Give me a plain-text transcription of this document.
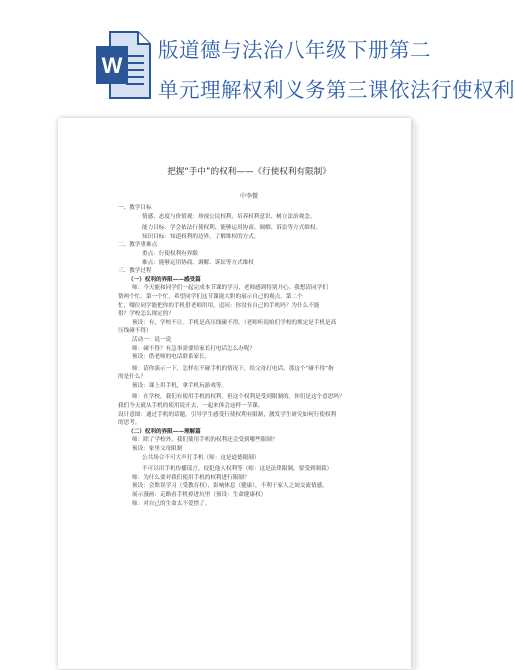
W
版道德与法治八年级下册第二
单元理解权利义务第三课依法行使权利
把握“手中”的权利——《行使权利有限制》
中李微

一、教学目标

情感、态度与价值观：珍视公民权利、培养权利意识、树立法治观念。

能力目标：学会依法行使权利、能够运用协商、调解、诉讼等方式维权。

知识目标：知道权利的边界，了解维权的方式。

二、教学重难点

重点：行使权利有界限

难点：能够运用协商、调解、诉讼等方式维权

三、教学过程

（一）权利的界限——感受篇

师：今天能和同学们一起完成本节课的学习，老师感到特别开心。我想请同学们

帮两个忙。第一个忙，希望同学们这节课能大胆的展示自己的观点。第二个

忙，哪位同学能把你的手机借老师用用。追问：你没有自己的手机吗？为什么不能

借？学校怎么规定的？

预设：有，学校不让。手机是高压线碰不得。（老师听说咱们学校的规定是手机是高

压线碰不得）

活动一：说一说

师：碰不得？有急事需要给家长打电话怎么办呢？

预设：借老师的电话联系家长。

师：请你演示一下，怎样在不碰手机的情况下，给父母打电话。那这个“碰不得”指

的是什么？

预设：课上用手机，拿手机玩游戏等。

师：在学校，我们有使用手机的权利，但这个权利是受到限制的，你们是这个意思吗？

我们今天就从手机的使用说开去，一起来体会这样一节课。

设计意图：通过手机的话题，引导学生感受行使权利有限制，激发学生研究如何行使权利

的思考。

（二）权利的界限——理解篇

师：除了学校外，我们使用手机的权利还会受到哪些限制？

预设：家里父母限制

公共场合不可大声打手机（师：这是道德限制）

不可以用手机传播谣言，侵犯他人权利等（师：这是法律限制，要受到制裁）

师：为什么要对我们使用手机的权利进行限制？

预设：会欺误学习（受教育权），影响休息（健康），不利于家人之间交流情感。

展示漫画：走路看手机掉进坑里（预设：生命健康权）

师：对自己的生命太不爱惜了。
